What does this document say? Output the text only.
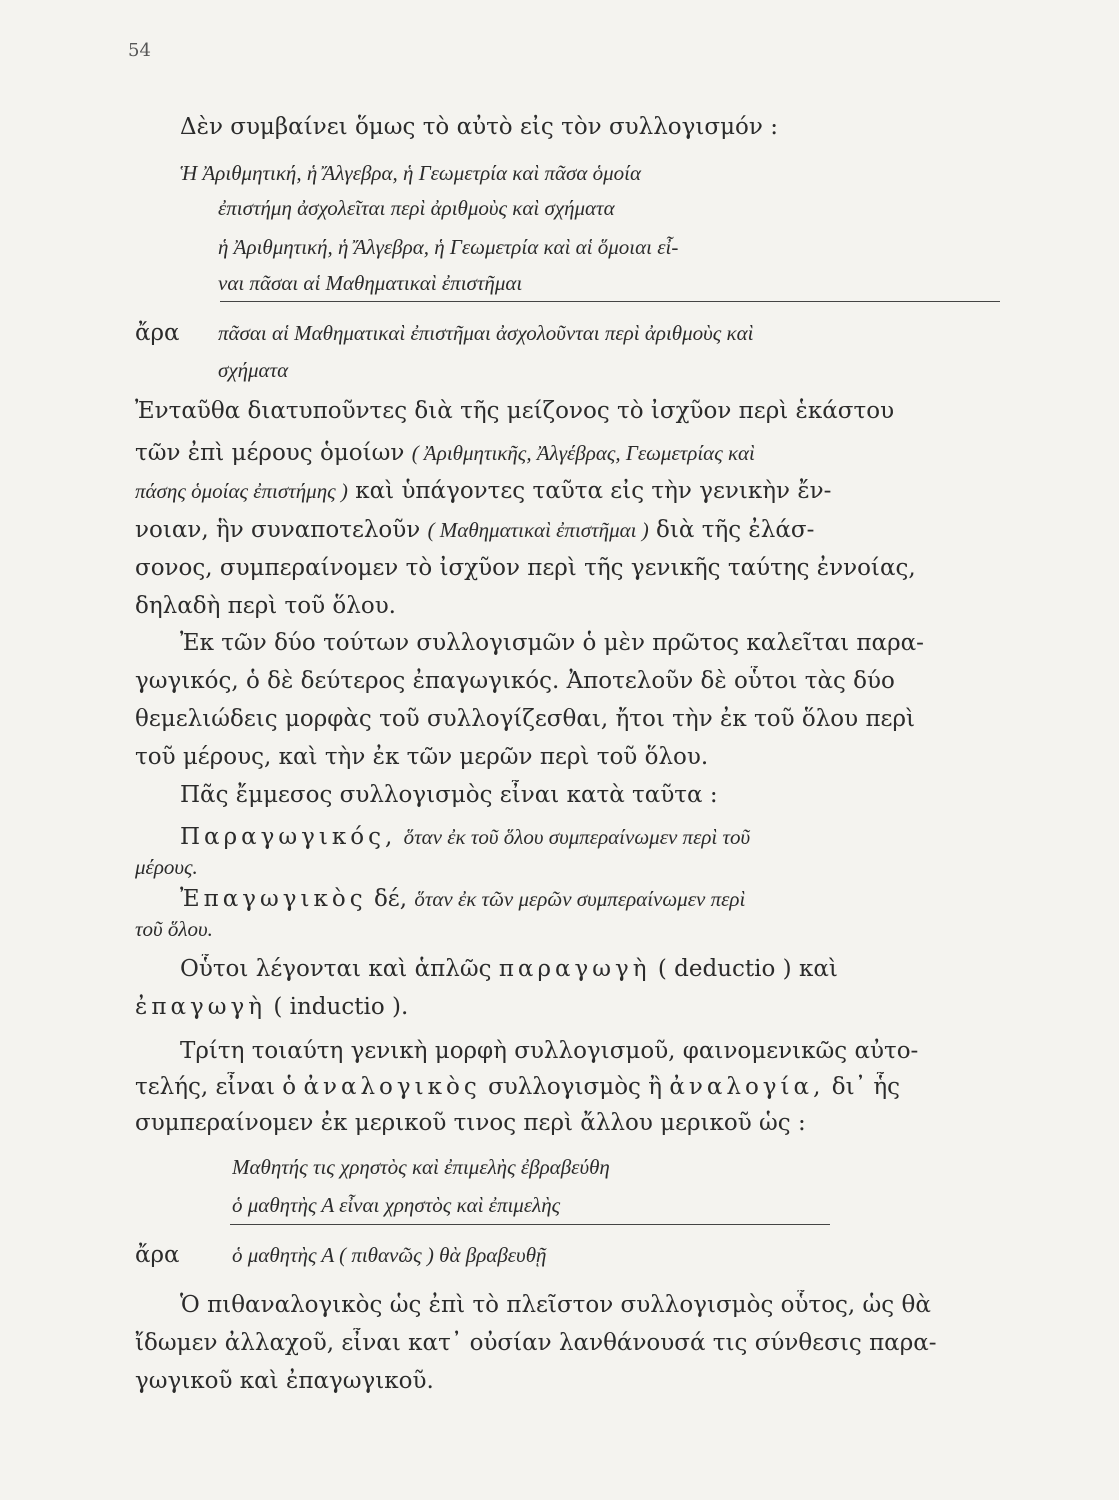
54
Δὲν συμβαίνει ὅμως τὸ αὐτὸ εἰς τὸν συλλογισμόν :
Ἡ Ἀριθμητική, ἡ Ἄλγεβρα, ἡ Γεωμετρία καὶ πᾶσα ὁμοία
ἐπιστήμη ἀσχολεῖται περὶ ἀριθμοὺς καὶ σχήματα
ἡ Ἀριθμητική, ἡ Ἄλγεβρα, ἡ Γεωμετρία καὶ αἱ ὅμοιαι εἶ-
ναι πᾶσαι αἱ Μαθηματικαὶ ἐπιστῆμαι
ἄρα πᾶσαι αἱ Μαθηματικαὶ ἐπιστῆμαι ἀσχολοῦνται περὶ ἀριθμοὺς καὶ
σχήματα
Ἐνταῦθα διατυποῦντες διὰ τῆς μείζονος τὸ ἰσχῦον περὶ ἑκάστου
τῶν ἐπὶ μέρους ὁμοίων ( Ἀριθμητικῆς, Ἀλγέβρας, Γεωμετρίας καὶ
πάσης ὁμοίας ἐπιστήμης ) καὶ ὑπάγοντες ταῦτα εἰς τὴν γενικὴν ἔν-
νοιαν, ἣν συναποτελοῦν ( Μαθηματικαὶ ἐπιστῆμαι ) διὰ τῆς ἐλάσ-
σονος, συμπεραίνομεν τὸ ἰσχῦον περὶ τῆς γενικῆς ταύτης ἐννοίας,
δηλαδὴ περὶ τοῦ ὅλου.
Ἐκ τῶν δύο τούτων συλλογισμῶν ὁ μὲν πρῶτος καλεῖται παρα-
γωγικός, ὁ δὲ δεύτερος ἐπαγωγικός. Ἀποτελοῦν δὲ οὗτοι τὰς δύο
θεμελιώδεις μορφὰς τοῦ συλλογίζεσθαι, ἤτοι τὴν ἐκ τοῦ ὅλου περὶ
τοῦ μέρους, καὶ τὴν ἐκ τῶν μερῶν περὶ τοῦ ὅλου.
Πᾶς ἔμμεσος συλλογισμὸς εἶναι κατὰ ταῦτα :
Παραγωγικός, ὅταν ἐκ τοῦ ὅλου συμπεραίνωμεν περὶ τοῦ
μέρους.
Ἐπαγωγικὸς δέ, ὅταν ἐκ τῶν μερῶν συμπεραίνωμεν περὶ
τοῦ ὅλου.
Οὗτοι λέγονται καὶ ἁπλῶς παραγωγὴ ( deductio ) καὶ
ἐπαγωγὴ ( inductio ).
Τρίτη τοιαύτη γενικὴ μορφὴ συλλογισμοῦ, φαινομενικῶς αὐτο-
τελής, εἶναι ὁ ἀναλογικὸς συλλογισμὸς ἢ ἀναλογία, δι᾽ ἧς
συμπεραίνομεν ἐκ μερικοῦ τινος περὶ ἄλλου μερικοῦ ὡς :
Μαθητής τις χρηστὸς καὶ ἐπιμελὴς ἐβραβεύθη
ὁ μαθητὴς Α εἶναι χρηστὸς καὶ ἐπιμελὴς
ἄρα ὁ μαθητὴς Α ( πιθανῶς ) θὰ βραβευθῇ
Ὁ πιθαναλογικὸς ὡς ἐπὶ τὸ πλεῖστον συλλογισμὸς οὗτος, ὡς θὰ
ἴδωμεν ἀλλαχοῦ, εἶναι κατ᾽ οὐσίαν λανθάνουσά τις σύνθεσις παρα-
γωγικοῦ καὶ ἐπαγωγικοῦ.
